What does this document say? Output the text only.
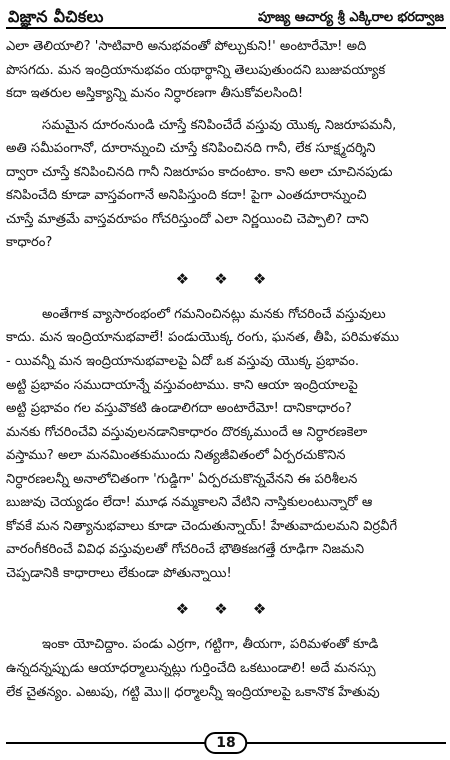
విజ్ఞాన వీచికలు	పూజ్య ఆచార్య శ్రీ ఎక్కిరాల భరద్వాజ

ఎలా తెలియాలి? 'సాటివారి అనుభవంతో పోల్చుకుని!' అంటారేమో! అది
పొసగదు. మన ఇంద్రియానుభవం యథార్థాన్ని తెలుపుతుందని బుజువయ్యాక
కదా ఇతరుల అస్తిక్యాన్ని మనం నిర్ధారణగా తీసుకోవలసింది!

సమమైన దూరంనుండి చూస్తే కనిపించేదే వస్తువు యొక్క నిజరూపమనీ,
అతి సమీపంగానో, దూరాన్నుంచి చూస్తే కనిపించినది గానీ, లేక సూక్ష్మదర్శిని
ద్వారా చూస్తే కనిపించినది గానీ నిజరూపం కాదంటాం. కాని అలా చూచినపుడు
కనిపించేది కూడా వాస్తవంగానే అనిపిస్తుంది కదా! పైగా ఎంతదూరాన్నుంచి
చూస్తే మాత్రమే వాస్తవరూపం గోచరిస్తుందో ఎలా నిర్ణయించి చెప్పాలి? దాని
కాధారం?

❖ ❖ ❖

అంతేగాక వ్యాసారంభంలో గమనించినట్లు మనకు గోచరించే వస్తువులు
కాదు. మన ఇంద్రియానుభవాలే! పండుయొక్క రంగు, ఘనత, తీపి, పరిమళము
- యివన్నీ మన ఇంద్రియానుభవాలపై ఏదో ఒక వస్తువు యొక్క ప్రభావం.
అట్టి ప్రభావం సముదాయాన్నే వస్తువంటాము. కాని ఆయా ఇంద్రియాలపై
అట్టి ప్రభావం గల వస్తువొకటి ఉండాలిగదా అంటారేమో! దానికాధారం?
మనకు గోచరించేవి వస్తువులనడానికాధారం దొరక్కముందే ఆ నిర్ధారణకెలా
వస్తాము? అలా మనమింతకుముందు నిత్యజీవితంలో ఏర్పరచుకొనిన
నిర్ధారణలన్నీ అనాలోచితంగా 'గుడ్డిగా' ఏర్పరచుకొన్నవేనని ఈ పరిశీలన
బుజువు చెయ్యడం లేదా! మూఢ నమ్మకాలని వేటిని నాస్తికులంటున్నారో ఆ
కోవకే మన నిత్యానుభవాలు కూడా చెందుతున్నాయ్! హేతువాదులమని విర్రవీగే
వారంగీకరించే వివిధ వస్తువులతో గోచరించే భౌతికజగత్తే రూఢిగా నిజమని
చెప్పడానికి కాధారాలు లేకుండా పోతున్నాయి!

❖ ❖ ❖

ఇంకా యోచిద్దాం. పండు ఎర్రగా, గట్టిగా, తీయగా, పరిమళంతో కూడి
ఉన్నదన్నప్పుడు ఆయాధర్మాలున్నట్లు గుర్తించేది ఒకటుండాలి! అదే మనస్సు
లేక చైతన్యం. ఎఱుపు, గట్టి మొ॥ ధర్మాలన్నీ ఇంద్రియాలపై ఒకానొక హేతువు

18
